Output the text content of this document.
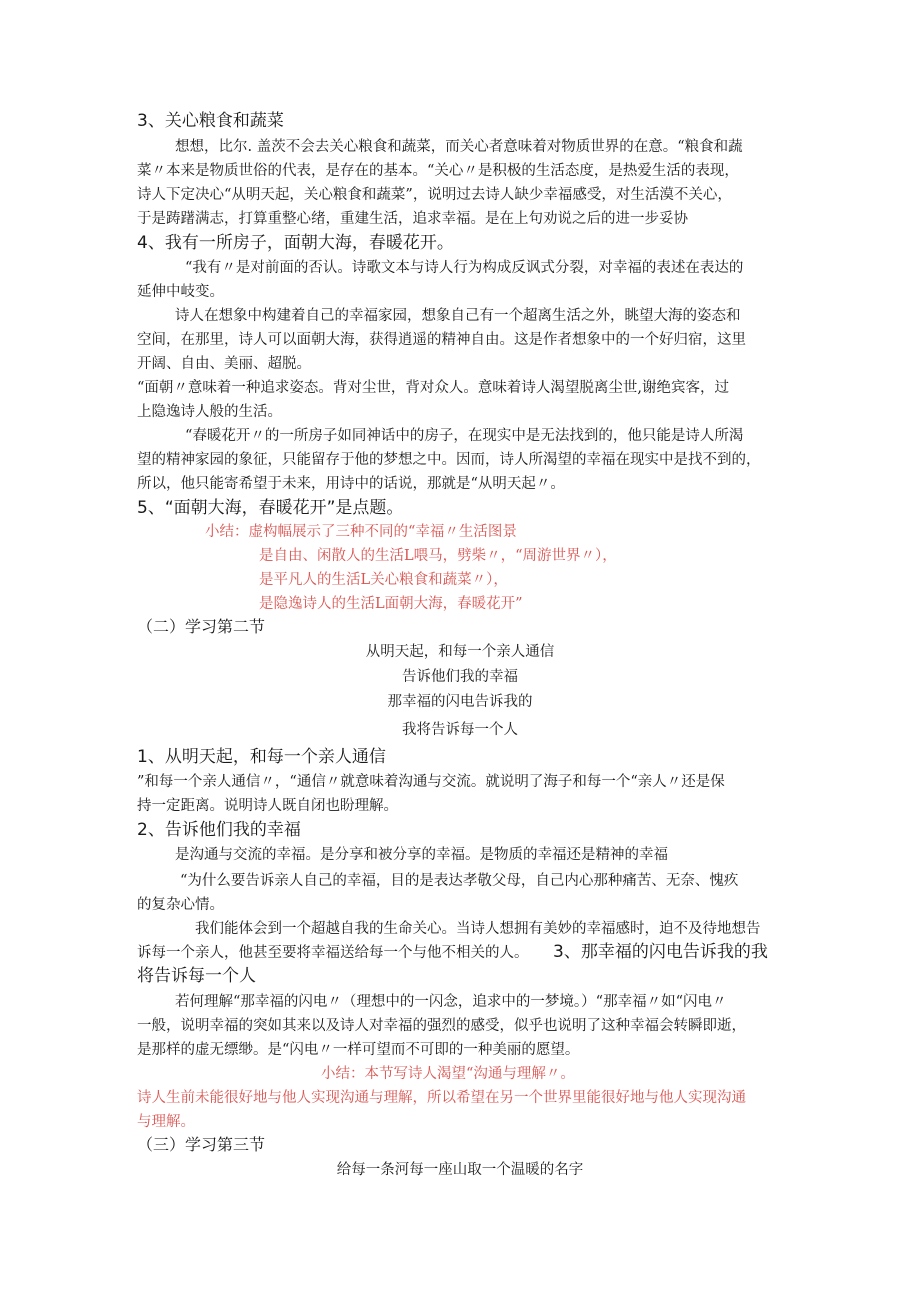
3、关心粮食和蔬菜
想想，比尔. 盖茨不会去关心粮食和蔬菜，而关心者意味着对物质世界的在意。“粮食和蔬
菜〃本来是物质世俗的代表，是存在的基本。“关心〃是积极的生活态度，是热爱生活的表现，
诗人下定决心“从明天起，关心粮食和蔬菜”，说明过去诗人缺少幸福感受，对生活漠不关心，
于是踌躇满志，打算重整心绪，重建生活，追求幸福。是在上句劝说之后的进一步妥协
4、我有一所房子，面朝大海，春暖花开。
“我有〃是对前面的否认。诗歌文本与诗人行为构成反讽式分裂，对幸福的表述在表达的
延伸中岐变。
诗人在想象中构建着自己的幸福家园，想象自己有一个超离生活之外，眺望大海的姿态和
空间，在那里，诗人可以面朝大海，获得逍遥的精神自由。这是作者想象中的一个好归宿，这里
开阔、自由、美丽、超脱。
“面朝〃意味着一种追求姿态。背对尘世，背对众人。意味着诗人渴望脱离尘世,谢绝宾客，过
上隐逸诗人般的生活。
“春暖花开〃的一所房子如同神话中的房子，在现实中是无法找到的，他只能是诗人所渴
望的精神家园的象征，只能留存于他的梦想之中。因而，诗人所渴望的幸福在现实中是找不到的，
所以，他只能寄希望于未来，用诗中的话说，那就是“从明天起〃。
5、“面朝大海，春暖花开”是点题。
小结：虚构幅展示了三种不同的“幸福〃生活图景
是自由、闲散人的生活L喂马，劈柴〃，“周游世界〃），
是平凡人的生活L关心粮食和蔬菜〃），
是隐逸诗人的生活L面朝大海，春暖花开”
（二）学习第二节
从明天起，和每一个亲人通信
告诉他们我的幸福
那幸福的闪电告诉我的
我将告诉每一个人
1、从明天起，和每一个亲人通信
”和每一个亲人通信〃，“通信〃就意味着沟通与交流。就说明了海子和每一个“亲人〃还是保
持一定距离。说明诗人既自闭也盼理解。
2、告诉他们我的幸福
是沟通与交流的幸福。是分享和被分享的幸福。是物质的幸福还是精神的幸福
“为什么要告诉亲人自己的幸福，目的是表达孝敬父母，自己内心那种痛苦、无奈、愧疚
的复杂心情。
我们能体会到一个超越自我的生命关心。当诗人想拥有美妙的幸福感时，迫不及待地想告
诉每一个亲人，他甚至要将幸福送给每一个与他不相关的人。 3、那幸福的闪电告诉我的我
将告诉每一个人
若何理解“那幸福的闪电〃（理想中的一闪念，追求中的一梦境。）“那幸福〃如“闪电〃
一般，说明幸福的突如其来以及诗人对幸福的强烈的感受，似乎也说明了这种幸福会转瞬即逝，
是那样的虚无缥缈。是“闪电〃一样可望而不可即的一种美丽的愿望。
小结：本节写诗人渴望“沟通与理解〃。
诗人生前未能很好地与他人实现沟通与理解，所以希望在另一个世界里能很好地与他人实现沟通
与理解。
（三）学习第三节
给每一条河每一座山取一个温暖的名字
